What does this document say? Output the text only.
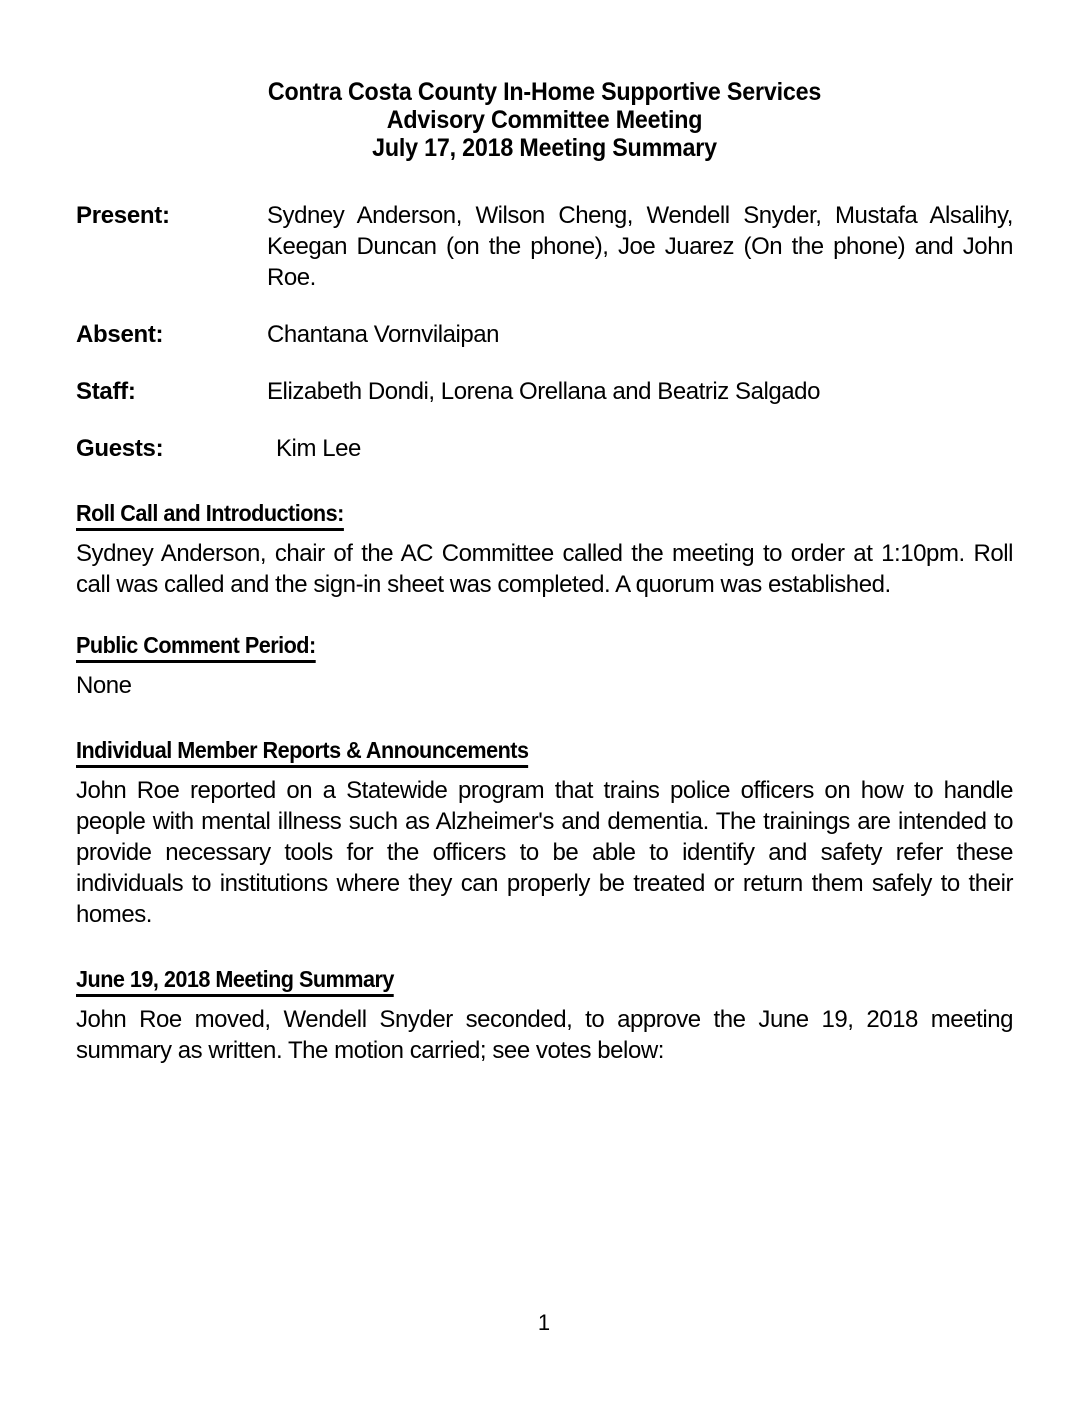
Contra Costa County In-Home Supportive Services
Advisory Committee Meeting
July 17, 2018 Meeting Summary
Present:	Sydney Anderson, Wilson Cheng, Wendell Snyder, Mustafa Alsalihy, Keegan Duncan (on the phone), Joe Juarez (On the phone) and John Roe.
Absent:	Chantana Vornvilaipan
Staff:	Elizabeth Dondi, Lorena Orellana and Beatriz Salgado
Guests:	Kim Lee
Roll Call and Introductions:
Sydney Anderson, chair of the AC Committee called the meeting to order at 1:10pm. Roll call was called and the sign-in sheet was completed. A quorum was established.
Public Comment Period:
None
Individual Member Reports & Announcements
John Roe reported on a Statewide program that trains police officers on how to handle people with mental illness such as Alzheimer's and dementia. The trainings are intended to provide necessary tools for the officers to be able to identify and safety refer these individuals to institutions where they can properly be treated or return them safely to their homes.
June 19, 2018 Meeting Summary
John Roe moved, Wendell Snyder seconded, to approve the June 19, 2018 meeting summary as written. The motion carried; see votes below:
1
